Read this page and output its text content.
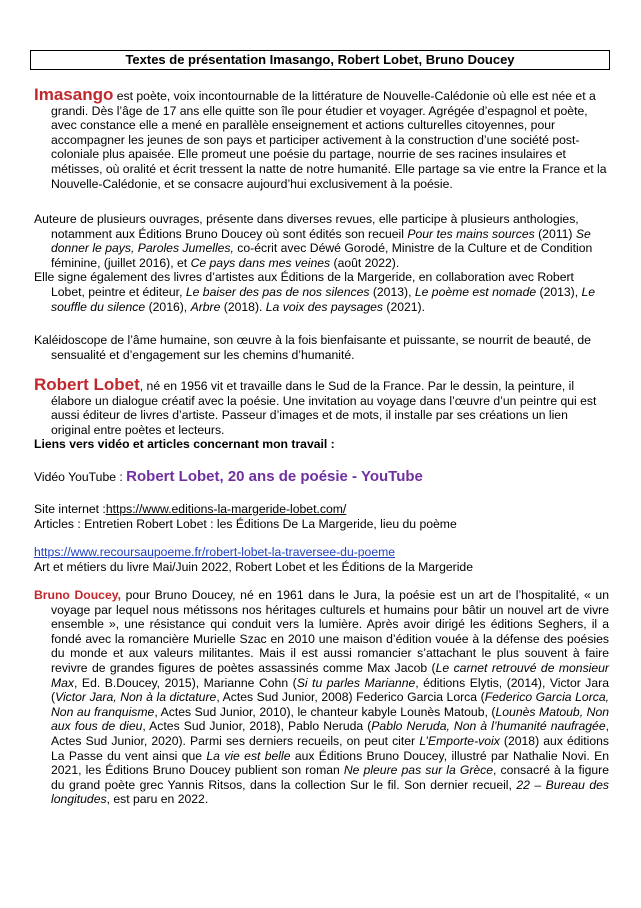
Textes de présentation Imasango, Robert Lobet, Bruno Doucey

Imasango est poète, voix incontournable de la littérature de Nouvelle-Calédonie où elle est née et a grandi. Dès l’âge de 17 ans elle quitte son île pour étudier et voyager. Agrégée d’espagnol et poète, avec constance elle a mené en parallèle enseignement et actions culturelles citoyennes, pour accompagner les jeunes de son pays et participer activement à la construction d’une société post-coloniale plus apaisée. Elle promeut une poésie du partage, nourrie de ses racines insulaires et métisses, où oralité et écrit tressent la natte de notre humanité. Elle partage sa vie entre la France et la Nouvelle-Calédonie, et se consacre aujourd’hui exclusivement à la poésie.

Auteure de plusieurs ouvrages, présente dans diverses revues, elle participe à plusieurs anthologies, notamment aux Éditions Bruno Doucey où sont édités son recueil Pour tes mains sources (2011) Se donner le pays, Paroles Jumelles, co-écrit avec Déwé Gorodé, Ministre de la Culture et de Condition féminine, (juillet 2016), et Ce pays dans mes veines (août 2022).

Elle signe également des livres d’artistes aux Éditions de la Margeride, en collaboration avec Robert Lobet, peintre et éditeur, Le baiser des pas de nos silences (2013), Le poème est nomade (2013), Le souffle du silence (2016), Arbre (2018). La voix des paysages (2021).

Kaléidoscope de l’âme humaine, son œuvre à la fois bienfaisante et puissante, se nourrit de beauté, de sensualité et d’engagement sur les chemins d’humanité.

Robert Lobet, né en 1956 vit et travaille dans le Sud de la France. Par le dessin, la peinture, il élabore un dialogue créatif avec la poésie. Une invitation au voyage dans l’œuvre d’un peintre qui est aussi éditeur de livres d’artiste. Passeur d’images et de mots, il installe par ses créations un lien original entre poètes et lecteurs.

Liens vers vidéo et articles concernant mon travail :

Vidéo YouTube : Robert Lobet, 20 ans de poésie - YouTube

Site internet :https://www.editions-la-margeride-lobet.com/

Articles : Entretien Robert Lobet : les Éditions De La Margeride, lieu du poème

https://www.recoursaupoeme.fr/robert-lobet-la-traversee-du-poeme

Art et métiers du livre Mai/Juin 2022, Robert Lobet et les Éditions de la Margeride

Bruno Doucey, pour Bruno Doucey, né en 1961 dans le Jura, la poésie est un art de l’hospitalité, « un voyage par lequel nous métissons nos héritages culturels et humains pour bâtir un nouvel art de vivre ensemble », une résistance qui conduit vers la lumière. Après avoir dirigé les éditions Seghers, il a fondé avec la romancière Murielle Szac en 2010 une maison d’édition vouée à la défense des poésies du monde et aux valeurs militantes. Mais il est aussi romancier s’attachant le plus souvent à faire revivre de grandes figures de poètes assassinés comme Max Jacob (Le carnet retrouvé de monsieur Max, Ed. B.Doucey, 2015), Marianne Cohn (Si tu parles Marianne, éditions Elytis, (2014), Victor Jara (Victor Jara, Non à la dictature, Actes Sud Junior, 2008) Federico Garcia Lorca (Federico Garcia Lorca, Non au franquisme, Actes Sud Junior, 2010), le chanteur kabyle Lounès Matoub, (Lounès Matoub, Non aux fous de dieu, Actes Sud Junior, 2018), Pablo Neruda (Pablo Neruda, Non à l’humanité naufragée, Actes Sud Junior, 2020). Parmi ses derniers recueils, on peut citer L’Emporte-voix (2018) aux éditions La Passe du vent ainsi que La vie est belle aux Éditions Bruno Doucey, illustré par Nathalie Novi. En 2021, les Éditions Bruno Doucey publient son roman Ne pleure pas sur la Grèce, consacré à la figure du grand poète grec Yannis Ritsos, dans la collection Sur le fil. Son dernier recueil, 22 – Bureau des longitudes, est paru en 2022.
